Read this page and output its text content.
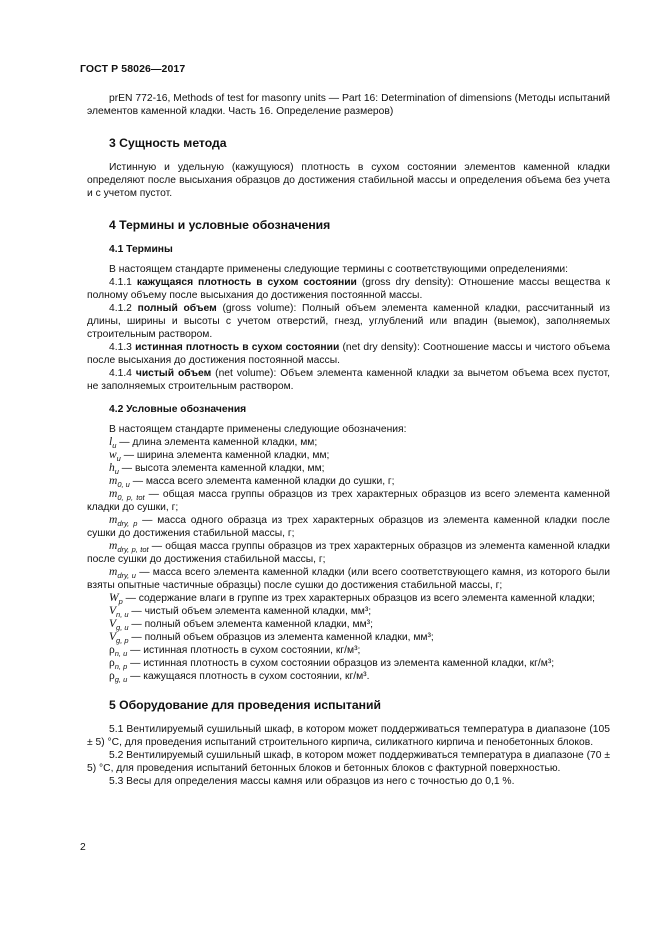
ГОСТ Р 58026—2017

prEN 772-16, Methods of test for masonry units — Part 16: Determination of dimensions (Методы испытаний элементов каменной кладки. Часть 16. Определение размеров)

3 Сущность метода

Истинную и удельную (кажущуюся) плотность в сухом состоянии элементов каменной кладки определяют после высыхания образцов до достижения стабильной массы и определения объема без учета и с учетом пустот.

4 Термины и условные обозначения
4.1 Термины

В настоящем стандарте применены следующие термины с соответствующими определениями:

4.1.1 кажущаяся плотность в сухом состоянии (gross dry density): Отношение массы вещества к полному объему после высыхания до достижения постоянной массы.

4.1.2 полный объем (gross volume): Полный объем элемента каменной кладки, рассчитанный из длины, ширины и высоты с учетом отверстий, гнезд, углублений или впадин (выемок), заполняемых строительным раствором.

4.1.3 истинная плотность в сухом состоянии (net dry density): Соотношение массы и чистого объема после высыхания до достижения постоянной массы.

4.1.4 чистый объем (net volume): Объем элемента каменной кладки за вычетом объема всех пустот, не заполняемых строительным раствором.

4.2 Условные обозначения

В настоящем стандарте применены следующие обозначения:

$l_u$ — длина элемента каменной кладки, мм;

$w_u$ — ширина элемента каменной кладки, мм;

$h_u$ — высота элемента каменной кладки, мм;

$m_{0, u}$ — масса всего элемента каменной кладки до сушки, г;

$m_{0, p, tot}$ — общая масса группы образцов из трех характерных образцов из всего элемента каменной кладки до сушки, г;

$m_{dry, p}$ — масса одного образца из трех характерных образцов из элемента каменной кладки после сушки до достижения стабильной массы, г;

$m_{dry, p, tot}$ — общая масса группы образцов из трех характерных образцов из элемента каменной кладки после сушки до достижения стабильной массы, г;

$m_{dry, u}$ — масса всего элемента каменной кладки (или всего соответствующего камня, из которого были взяты опытные частичные образцы) после сушки до достижения стабильной массы, г;

$W_p$ — содержание влаги в группе из трех характерных образцов из всего элемента каменной кладки;

$V_{n, u}$ — чистый объем элемента каменной кладки, мм³;

$V_{g, u}$ — полный объем элемента каменной кладки, мм³;

$V_{g, p}$ — полный объем образцов из элемента каменной кладки, мм³;

$\rho_{n, u}$ — истинная плотность в сухом состоянии, кг/м³;

$\rho_{n, p}$ — истинная плотность в сухом состоянии образцов из элемента каменной кладки, кг/м³;

$\rho_{g, u}$ — кажущаяся плотность в сухом состоянии, кг/м³.

5 Оборудование для проведения испытаний

5.1 Вентилируемый сушильный шкаф, в котором может поддерживаться температура в диапазоне (105 ± 5) °С, для проведения испытаний строительного кирпича, силикатного кирпича и пенобетонных блоков.

5.2 Вентилируемый сушильный шкаф, в котором может поддерживаться температура в диапазоне (70 ± 5) °С, для проведения испытаний бетонных блоков и бетонных блоков с фактурной поверхностью.

5.3 Весы для определения массы камня или образцов из него с точностью до 0,1 %.

2
